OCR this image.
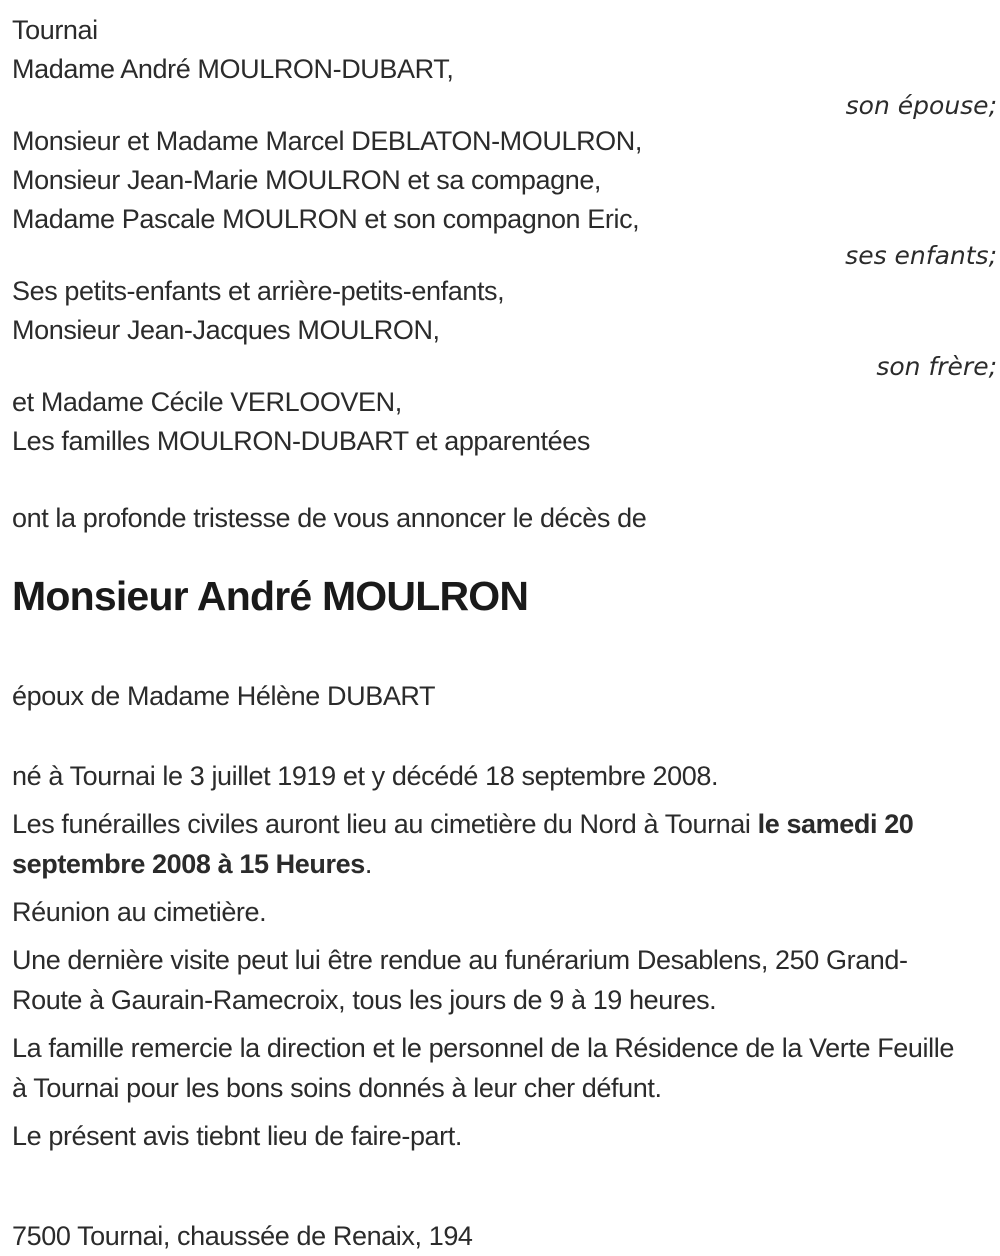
Tournai
Madame André MOULRON-DUBART,
son épouse;
Monsieur et Madame Marcel DEBLATON-MOULRON,
Monsieur Jean-Marie MOULRON et sa compagne,
Madame Pascale MOULRON et son compagnon Eric,
ses enfants;
Ses petits-enfants et arrière-petits-enfants,
Monsieur Jean-Jacques MOULRON,
son frère;
et Madame Cécile VERLOOVEN,
Les familles MOULRON-DUBART et apparentées
ont la profonde tristesse de vous annoncer le décès de
Monsieur André MOULRON
époux de Madame Hélène DUBART

né à Tournai le 3 juillet 1919 et y décédé 18 septembre 2008.

Les funérailles civiles auront lieu au cimetière du Nord à Tournai le samedi 20 septembre 2008 à 15 Heures.

Réunion au cimetière.

Une dernière visite peut lui être rendue au funérarium Desablens, 250 Grand-Route à Gaurain-Ramecroix, tous les jours de 9 à 19 heures.

La famille remercie la direction et le personnel de la Résidence de la Verte Feuille à Tournai pour les bons soins donnés à leur cher défunt.

Le présent avis tiebnt lieu de faire-part.

7500 Tournai, chaussée de Renaix, 194
